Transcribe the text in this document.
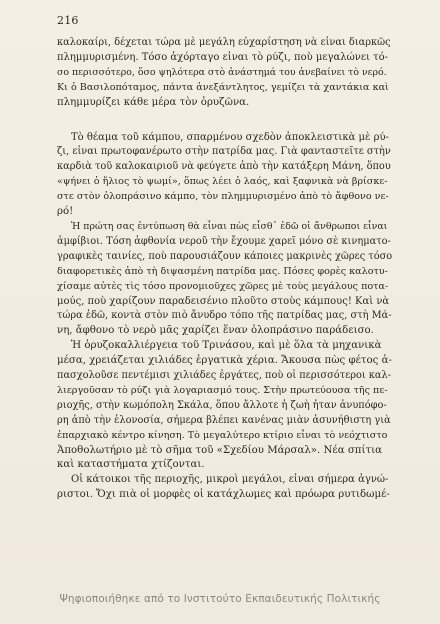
216

καλοκαίρι, δέχεται τώρα μὲ μεγάλη εὐχαρίστηση νὰ εἶναι διαρκῶς
πλημμυρισμένη. Τόσο ἀχόρταγο εἶναι τὸ ρύζι, ποὺ μεγαλώνει τό-
σο περισσότερο, ὅσο ψηλότερα στὸ ἀνάστημά του ἀνεβαίνει τὸ νερό.
Κι ὁ Βασιλοπόταμος, πάντα ἀνεξάντλητος, γεμίζει τὰ χαντάκια καὶ
πλημμυρίζει κάθε μέρα τὸν ὀρυζῶνα.

Τὸ θέαμα τοῦ κάμπου, σπαρμένου σχεδὸν ἀποκλειστικὰ μὲ ρύ-
ζι, εἶναι πρωτοφανέρωτο στὴν πατρίδα μας. Γιὰ φανταστεῖτε στὴν
καρδιὰ τοῦ καλοκαιριοῦ νὰ φεύγετε ἀπὸ τὴν κατάξερη Μάνη, ὅπου
«ψήνει ὁ ἥλιος τὸ ψωμί», ὅπως λέει ὁ λαός, καὶ ξαφνικὰ νὰ βρίσκε-
στε στὸν ὁλοπράσινο κάμπο, τὸν πλημμυρισμένο ἀπὸ τὸ ἄφθονο νε-
ρό!

Ἡ πρώτη σας ἐντύπωση θὰ εἶναι πὼς εἶσθ᾿ ἐδῶ οἱ ἄνθρωποι εἶναι
ἀμφίβιοι. Τόση ἀφθονία νεροῦ τὴν ἔχουμε χαρεῖ μόνο σὲ κινηματο-
γραφικὲς ταινίες, ποὺ παρουσιάζουν κάποιες μακρινὲς χῶρες τόσο
διαφορετικὲς ἀπὸ τὴ διψασμένη πατρίδα μας. Πόσες φορὲς καλοτυ-
χίσαμε αὐτὲς τὶς τόσο προνομιοῦχες χῶρες μὲ τοὺς μεγάλους ποτα-
μούς, ποὺ χαρίζουν παραδεισένιο πλοῦτο στοὺς κάμπους! Καὶ νὰ
τώρα ἐδῶ, κοντὰ στὸν πιὸ ἄνυδρο τόπο τῆς πατρίδας μας, στὴ Μά-
νη, ἄφθονο τὸ νερὸ μᾶς χαρίζει ἕναν ὁλοπράσινο παράδεισο.

Ἡ ὀρυζοκαλλιέργεια τοῦ Τρινάσου, καὶ μὲ ὅλα τὰ μηχανικὰ
μέσα, χρειάζεται χιλιάδες ἐργατικὰ χέρια. Ἄκουσα πὼς φέτος ἀ-
πασχολοῦσε πεντέμισι χιλιάδες ἐργάτες, ποὺ οἱ περισσότεροι καλ-
λιεργοῦσαν τὸ ρύζι γιὰ λογαριασμό τους. Στὴν πρωτεύουσα τῆς πε-
ριοχῆς, στὴν κωμόπολη Σκάλα, ὅπου ἄλλοτε ἡ ζωὴ ἦταν ἀνυπόφο-
ρη ἀπὸ τὴν ἑλονοσία, σήμερα βλέπει κανένας μιὰν ἀσυνήθιστη γιὰ
ἐπαρχιακὸ κέντρο κίνηση. Τὸ μεγαλύτερο κτίριο εἶναι τὸ νεόχτιστο
Ἀποθολωτήριο μὲ τὸ σῆμα τοῦ «Σχεδίου Μάρσαλ». Νέα σπίτια
καὶ καταστήματα χτίζονται.

Οἱ κάτοικοι τῆς περιοχῆς, μικροὶ μεγάλοι, εἶναι σήμερα ἀγνώ-
ριστοι. Ὄχι πιὰ οἱ μορφὲς οἱ κατάχλωμες καὶ πρόωρα ρυτιδωμέ-

Ψηφιοποιήθηκε από το Ινστιτούτο Εκπαιδευτικής Πολιτικής
